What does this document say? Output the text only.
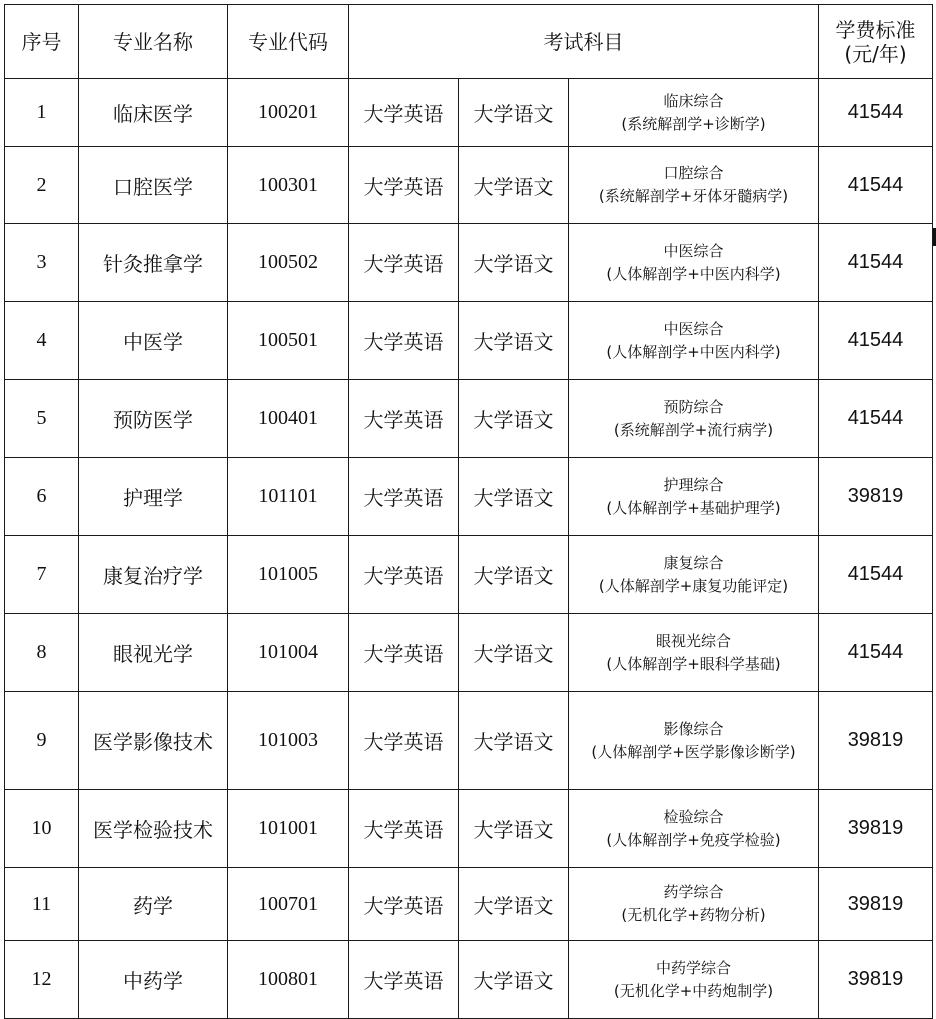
序号	专业名称	专业代码	考试科目			学费标准
(元/年)

1	临床医学	100201	大学英语	大学语文	临床综合
(系统解剖学+诊断学)	41544
2	口腔医学	100301	大学英语	大学语文	口腔综合
(系统解剖学+牙体牙髓病学)	41544
3	针灸推拿学	100502	大学英语	大学语文	中医综合
(人体解剖学+中医内科学)	41544
4	中医学	100501	大学英语	大学语文	中医综合
(人体解剖学+中医内科学)	41544
5	预防医学	100401	大学英语	大学语文	预防综合
(系统解剖学+流行病学)	41544
6	护理学	101101	大学英语	大学语文	护理综合
(人体解剖学+基础护理学)	39819
7	康复治疗学	101005	大学英语	大学语文	康复综合
(人体解剖学+康复功能评定)	41544
8	眼视光学	101004	大学英语	大学语文	眼视光综合
(人体解剖学+眼科学基础)	41544
9	医学影像技术	101003	大学英语	大学语文	影像综合
(人体解剖学+医学影像诊断学)	39819
10	医学检验技术	101001	大学英语	大学语文	检验综合
(人体解剖学+免疫学检验)	39819
11	药学	100701	大学英语	大学语文	药学综合
(无机化学+药物分析)	39819
12	中药学	100801	大学英语	大学语文	中药学综合
(无机化学+中药炮制学)	39819
